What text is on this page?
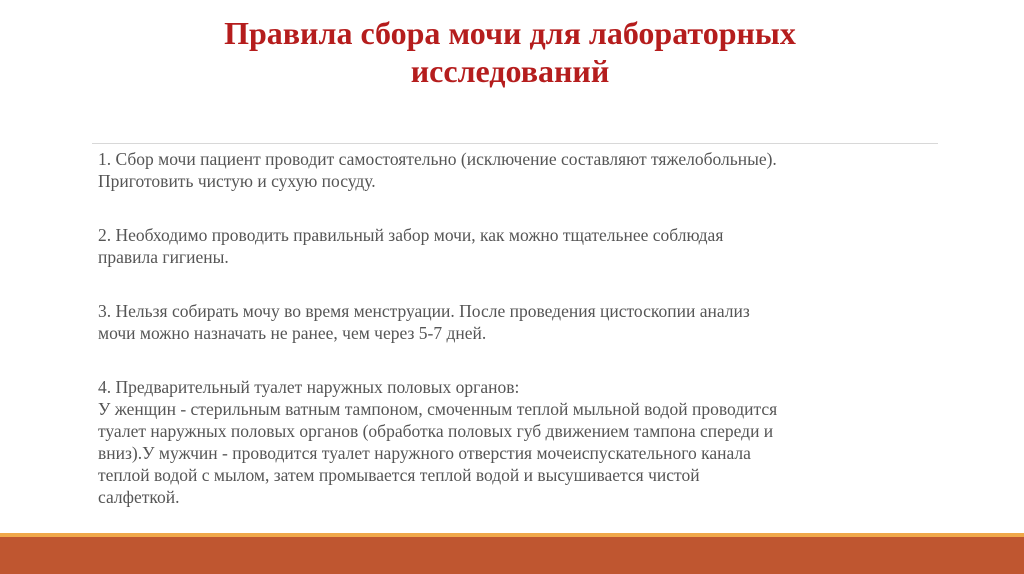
Правила сбора мочи для лабораторных
исследований

1. Сбор мочи пациент проводит самостоятельно (исключение составляют тяжелобольные).
Приготовить чистую и сухую посуду.

2. Необходимо проводить правильный забор мочи, как можно тщательнее соблюдая
правила гигиены.

3. Нельзя собирать мочу во время менструации. После проведения цистоскопии анализ
мочи можно назначать не ранее, чем через 5-7 дней.

4. Предварительный туалет наружных половых органов:
У женщин - стерильным ватным тампоном, смоченным теплой мыльной водой проводится
туалет наружных половых органов (обработка половых губ движением тампона спереди и
вниз).У мужчин - проводится туалет наружного отверстия мочеиспускательного канала
теплой водой с мылом, затем промывается теплой водой и высушивается чистой
салфеткой.
